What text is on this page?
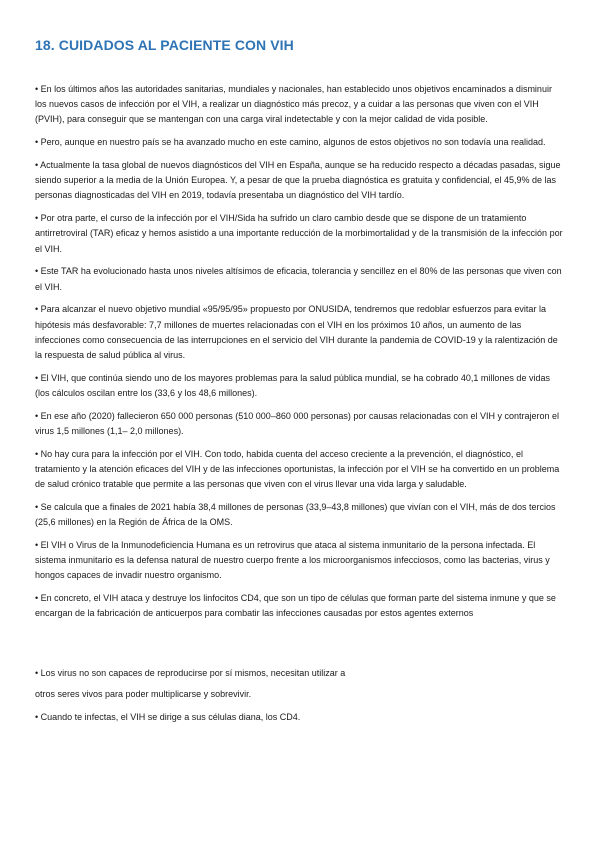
18. CUIDADOS AL PACIENTE CON VIH

• En los últimos años las autoridades sanitarias, mundiales y nacionales, han establecido unos objetivos encaminados a disminuir los nuevos casos de infección por el VIH, a realizar un diagnóstico más precoz, y a cuidar a las personas que viven con el VIH (PVIH), para conseguir que se mantengan con una carga viral indetectable y con la mejor calidad de vida posible.

• Pero, aunque en nuestro país se ha avanzado mucho en este camino, algunos de estos objetivos no son todavía una realidad.

• Actualmente la tasa global de nuevos diagnósticos del VIH en España, aunque se ha reducido respecto a décadas pasadas, sigue siendo superior a la media de la Unión Europea. Y, a pesar de que la prueba diagnóstica es gratuita y confidencial, el 45,9% de las personas diagnosticadas del VIH en 2019, todavía presentaba un diagnóstico del VIH tardío.

• Por otra parte, el curso de la infección por el VIH/Sida ha sufrido un claro cambio desde que se dispone de un tratamiento antirretroviral (TAR) eficaz y hemos asistido a una importante reducción de la morbimortalidad y de la transmisión de la infección por el VIH.

• Este TAR ha evolucionado hasta unos niveles altísimos de eficacia, tolerancia y sencillez en el 80% de las personas que viven con el VIH.

• Para alcanzar el nuevo objetivo mundial «95/95/95» propuesto por ONUSIDA, tendremos que redoblar esfuerzos para evitar la hipótesis más desfavorable: 7,7 millones de muertes relacionadas con el VIH en los próximos 10 años, un aumento de las infecciones como consecuencia de las interrupciones en el servicio del VIH durante la pandemia de COVID-19 y la ralentización de la respuesta de salud pública al virus.

• El VIH, que continúa siendo uno de los mayores problemas para la salud pública mundial, se ha cobrado 40,1 millones de vidas (los cálculos oscilan entre los (33,6 y los 48,6 millones).

• En ese año (2020) fallecieron 650 000 personas (510 000–860 000 personas) por causas relacionadas con el VIH y contrajeron el virus 1,5 millones (1,1– 2,0 millones).

• No hay cura para la infección por el VIH. Con todo, habida cuenta del acceso creciente a la prevención, el diagnóstico, el tratamiento y la atención eficaces del VIH y de las infecciones oportunistas, la infección por el VIH se ha convertido en un problema de salud crónico tratable que permite a las personas que viven con el virus llevar una vida larga y saludable.

• Se calcula que a finales de 2021 había 38,4 millones de personas (33,9–43,8 millones) que vivían con el VIH, más de dos tercios (25,6 millones) en la Región de África de la OMS.

• El VIH o Virus de la Inmunodeficiencia Humana es un retrovirus que ataca al sistema inmunitario de la persona infectada. El sistema inmunitario es la defensa natural de nuestro cuerpo frente a los microorganismos infecciosos, como las bacterias, virus y hongos capaces de invadir nuestro organismo.

• En concreto, el VIH ataca y destruye los linfocitos CD4, que son un tipo de células que forman parte del sistema inmune y que se encargan de la fabricación de anticuerpos para combatir las infecciones causadas por estos agentes externos

• Los virus no son capaces de reproducirse por sí mismos, necesitan utilizar a

otros seres vivos para poder multiplicarse y sobrevivir.

• Cuando te infectas, el VIH se dirige a sus células diana, los CD4.
